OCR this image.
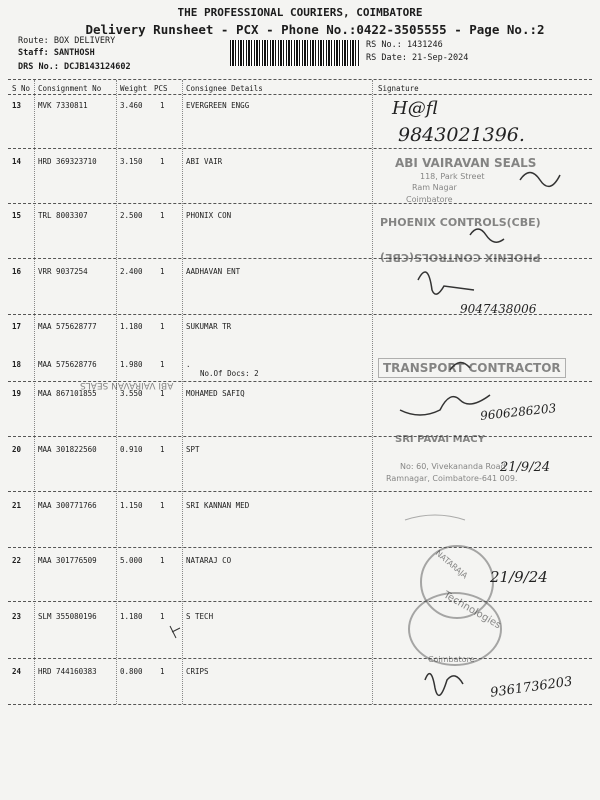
THE PROFESSIONAL COURIERS, COIMBATORE
Delivery Runsheet - PCX - Phone No.:0422-3505555 - Page No.:2
Route: BOX DELIVERY
Staff: SANTHOSH
DRS No.: DCJB143124602
RS No.: 1431246
RS Date: 21-Sep-2024
S No Consignment No	Weight PCS Consignee Details	Signature
13 MVK 7330811	3.460 1	EVERGREEN ENGG
14 HRD 369323710	3.150 1	ABI VAIR
15 TRL 8003307	2.500 1	PHONIX CON
16 VRR 9037254	2.400 1	AADHAVAN ENT
17 MAA 575628777	1.180 1	SUKUMAR TR
18 MAA 575628776	1.980 1	.
No.Of Docs: 2
19 MAA 867101855	3.550 1	MOHAMED SAFIQ
20 MAA 301822560	0.910 1	SPT
21 MAA 300771766	1.150 1	SRI KANNAN MED
22 MAA 301776509	5.000 1	NATARAJ CO
23 SLM 355080196	1.180 1	S TECH
24 HRD 744160383	0.800 1	CRIPS
ABI VAIRAVAN SEALS
118, Park Street
Ram Nagar
Coimbatore
PHOENIX CONTROLS(CBE)
PHOENIX CONTROLS(CBE)
TRANSPORT CONTRACTOR
ABI VAIRAVAN SEALS
SRI PAVAI MACY
No: 60, Vivekananda Road
Ramnagar, Coimbatore-641 009.
NATARAJA
Technologies
Coimbatore
H@fl
9843021396.
9047438006
9606286203
21/9/24
21/9/24
9361736203
